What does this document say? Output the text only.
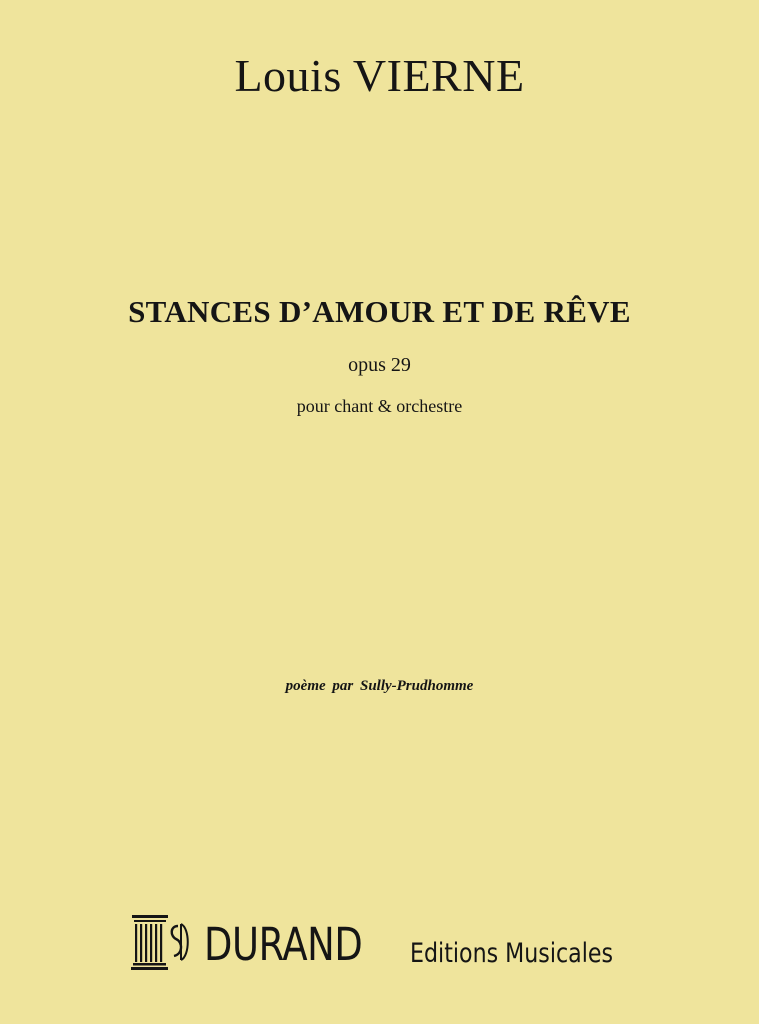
Louis VIERNE
STANCES D’AMOUR ET DE RÊVE
opus 29
pour chant & orchestre
poème par Sully-Prudhomme
DURAND Editions Musicales
